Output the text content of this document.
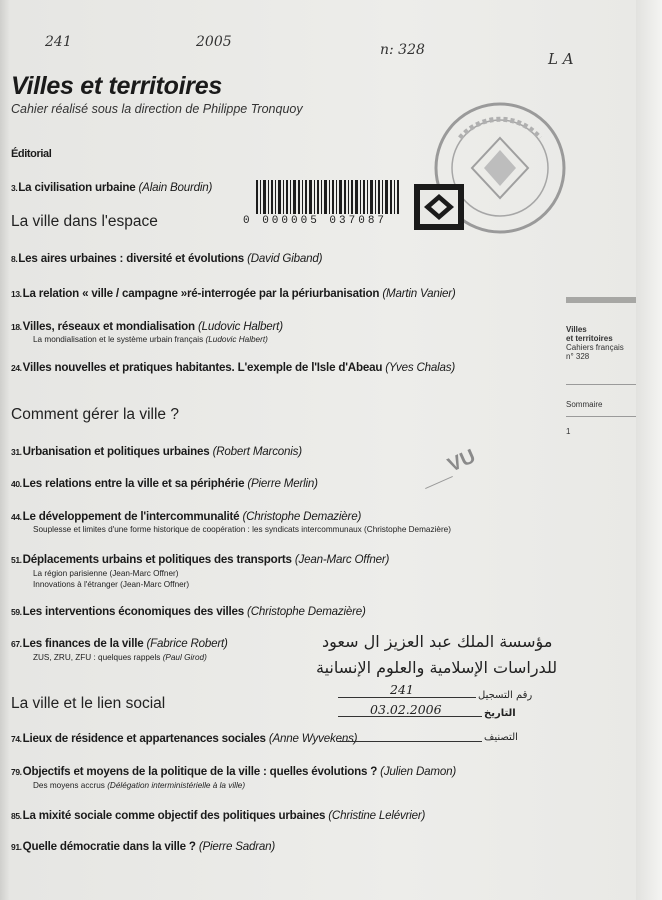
241	2005	n: 328	L A
Villes et territoires
Cahier réalisé sous la direction de Philippe Tronquoy
Éditorial
0 000005 037087
La ville dans l'espace
Comment gérer la ville ?
La ville et le lien social
3.La civilisation urbaine (Alain Bourdin)
8.Les aires urbaines : diversité et évolutions (David Giband)
13.La relation « ville / campagne »ré-interrogée par la périurbanisation (Martin Vanier)
18.Villes, réseaux et mondialisation (Ludovic Halbert)
La mondialisation et le système urbain français (Ludovic Halbert)
24.Villes nouvelles et pratiques habitantes. L'exemple de l'Isle d'Abeau (Yves Chalas)
31.Urbanisation et politiques urbaines (Robert Marconis)
40.Les relations entre la ville et sa périphérie (Pierre Merlin)
44.Le développement de l'intercommunalité (Christophe Demazière)
Souplesse et limites d'une forme historique de coopération : les syndicats intercommunaux (Christophe Demazière)
51.Déplacements urbains et politiques des transports (Jean-Marc Offner)
La région parisienne (Jean-Marc Offner)
Innovations à l'étranger (Jean-Marc Offner)
59.Les interventions économiques des villes (Christophe Demazière)
67.Les finances de la ville (Fabrice Robert)
ZUS, ZRU, ZFU : quelques rappels (Paul Girod)
74.Lieux de résidence et appartenances sociales (Anne Wyvekens)
79.Objectifs et moyens de la politique de la ville : quelles évolutions ? (Julien Damon)
Des moyens accrus (Délégation interministérielle à la ville)
85.La mixité sociale comme objectif des politiques urbaines (Christine Lelévrier)
91.Quelle démocratie dans la ville ? (Pierre Sadran)
Villes
et territoires
Cahiers français
n° 328
Sommaire
1
VU
مؤسسة الملك عبد العزيز ال سعود
للدراسات الإسلامية والعلوم الإنسانية
رقم التسجيل
241
التاريخ
03.02.2006
التصنيف
